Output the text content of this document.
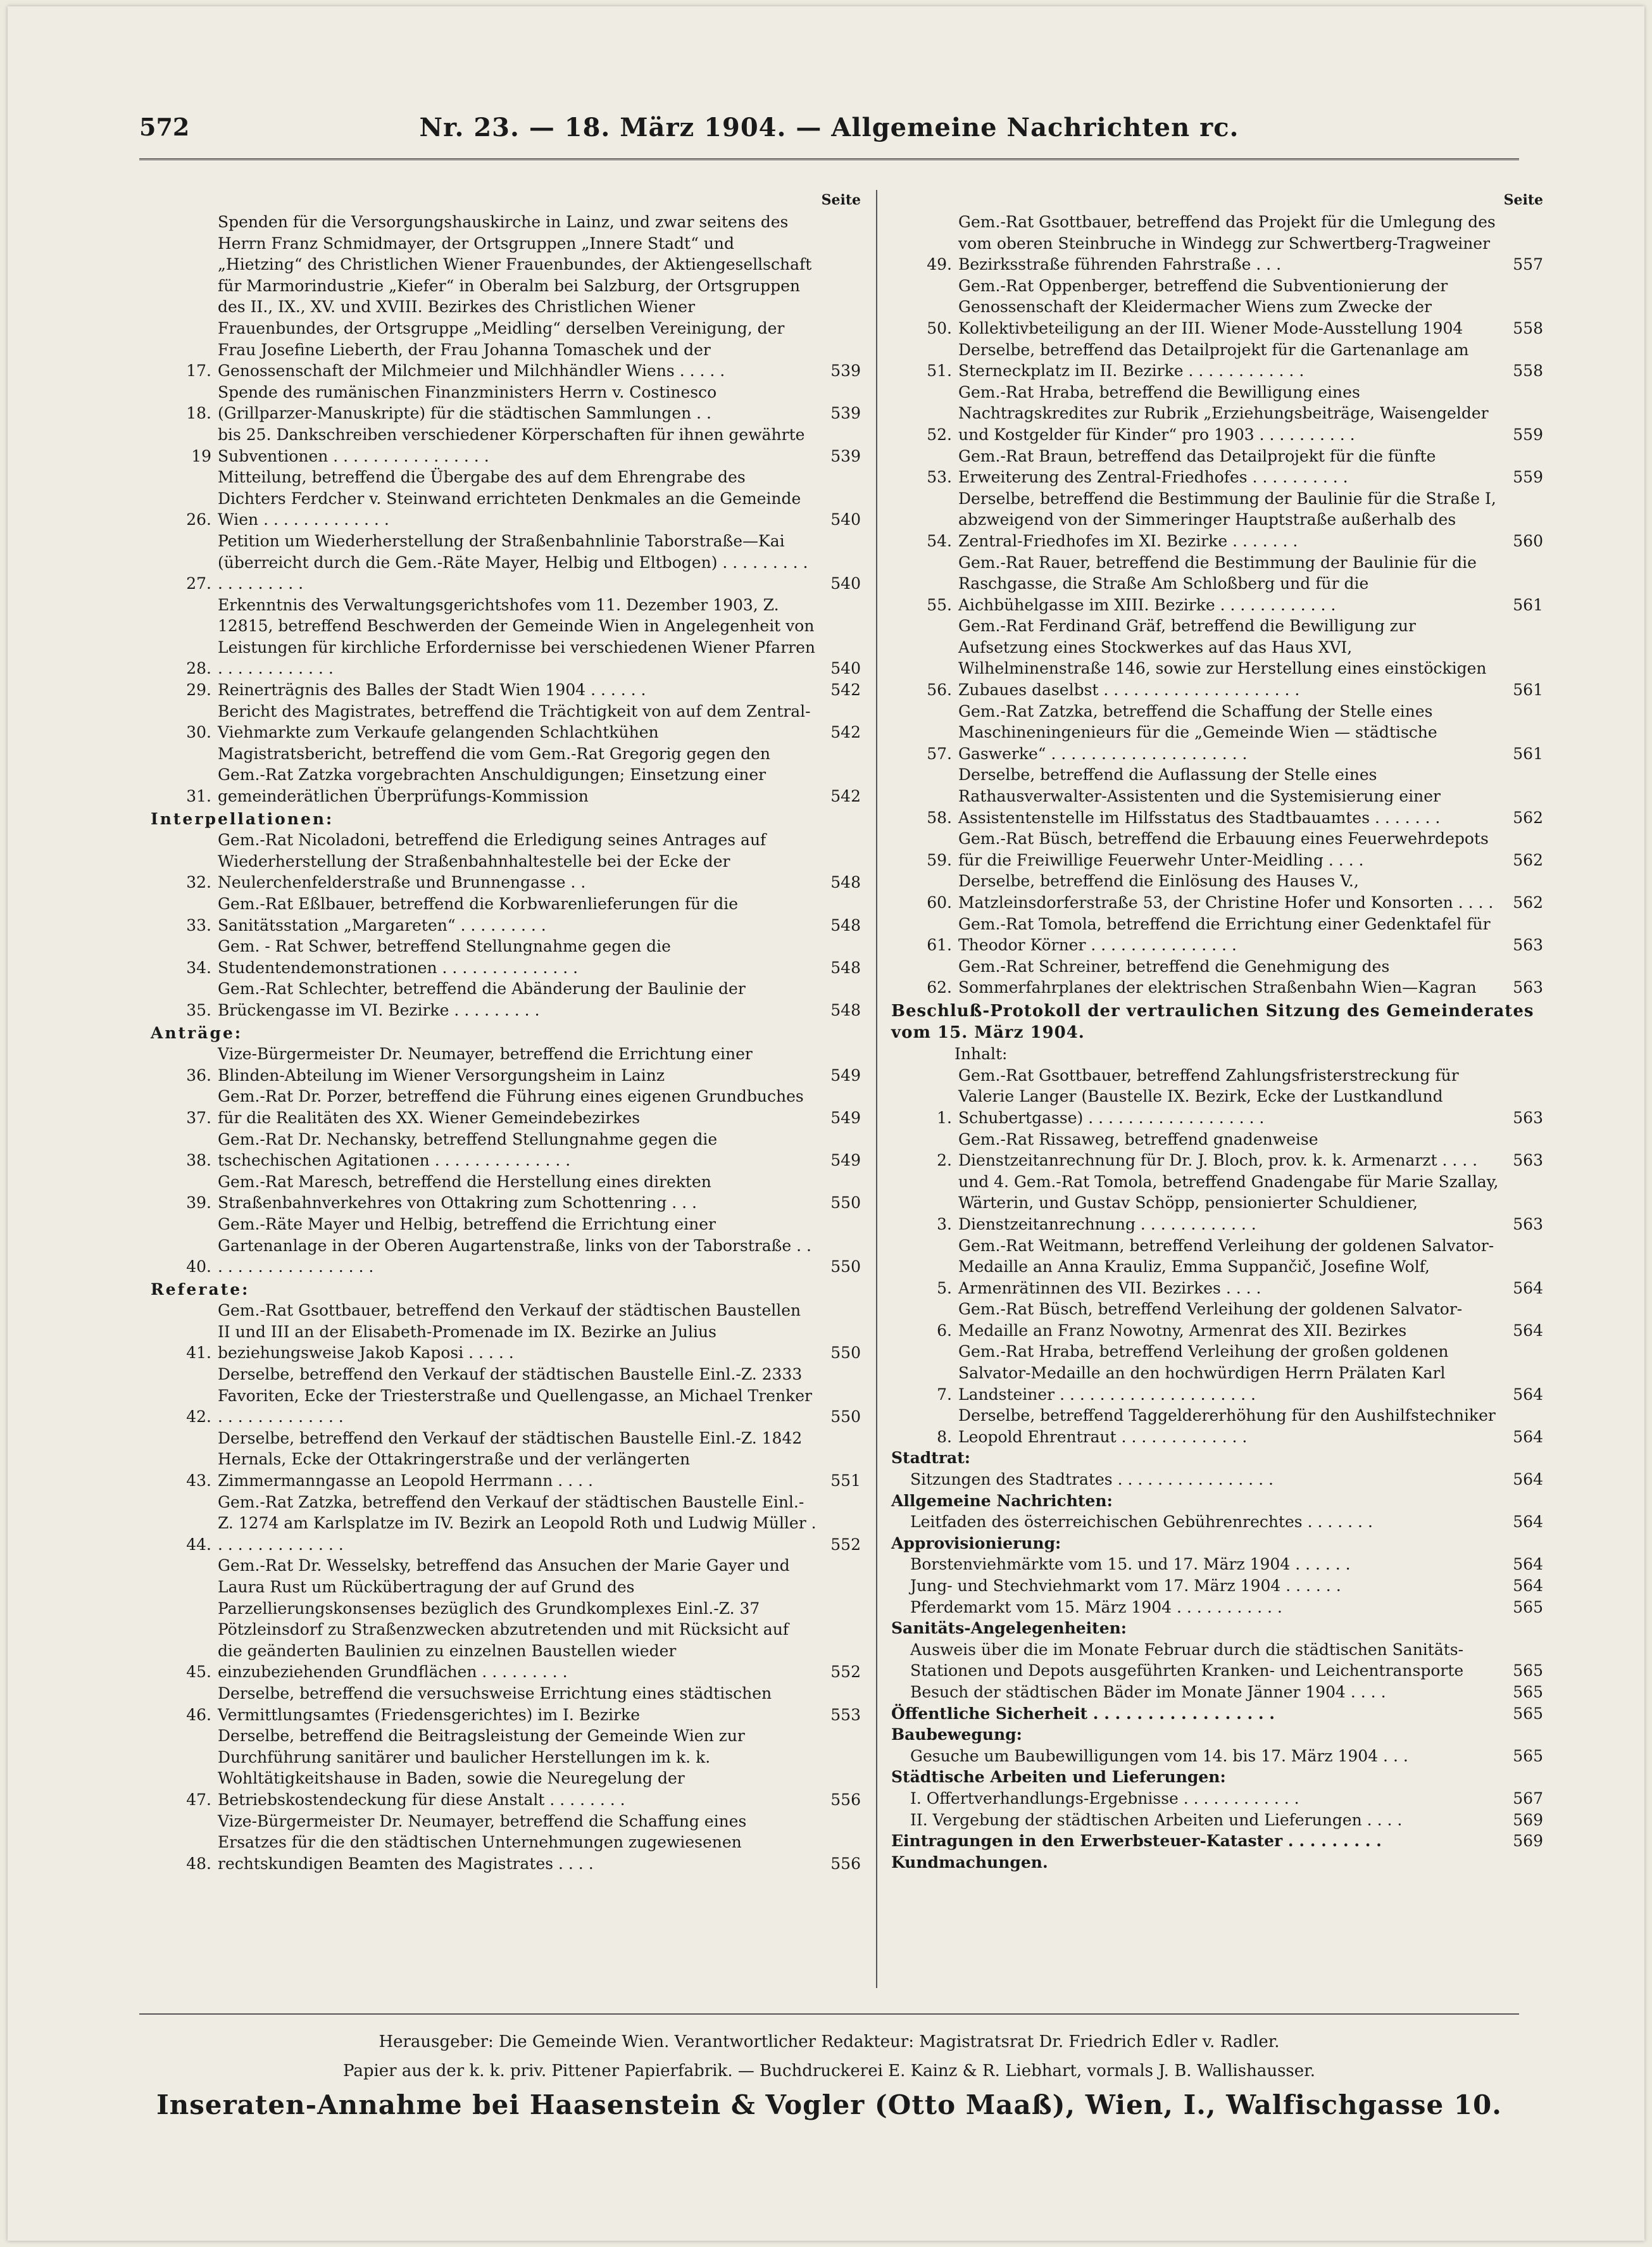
572	Nr. 23. — 18. März 1904. — Allgemeine Nachrichten rc.
Seite
17.
Spenden für die Versorgungshauskirche in Lainz, und zwar seitens des Herrn Franz Schmidmayer, der Ortsgruppen „Innere Stadt“ und „Hietzing“ des Christlichen Wiener Frauenbundes, der Aktiengesellschaft für Marmorindustrie „Kiefer“ in Oberalm bei Salzburg, der Ortsgruppen des II., IX., XV. und XVIII. Bezirkes des Christlichen Wiener Frauenbundes, der Ortsgruppe „Meidling“ derselben Vereinigung, der Frau Josefine Lieberth, der Frau Johanna Tomaschek und der Genossenschaft der Milchmeier und Milchhändler Wiens . . . . .	539
18.
Spende des rumänischen Finanzministers Herrn v. Costinesco (Grillparzer-Manuskripte) für die städtischen Sammlungen . .	539
19
bis 25. Dankschreiben verschiedener Körperschaften für ihnen gewährte Subventionen . . . . . . . . . . . . . . . .	539
26.
Mitteilung, betreffend die Übergabe des auf dem Ehrengrabe des Dichters Ferdcher v. Steinwand errichteten Denkmales an die Gemeinde Wien . . . . . . . . . . . . .	540
27.
Petition um Wiederherstellung der Straßenbahnlinie Taborstraße—Kai (überreicht durch die Gem.-Räte Mayer, Helbig und Eltbogen) . . . . . . . . . . . . . . . . . .	540
28.
Erkenntnis des Verwaltungsgerichtshofes vom 11. Dezember 1903, Z. 12815, betreffend Beschwerden der Gemeinde Wien in Angelegenheit von Leistungen für kirchliche Erfordernisse bei verschiedenen Wiener Pfarren . . . . . . . . . . . .	540
29. Reinerträgnis des Balles der Stadt Wien 1904 . . . . . .	542
30.
Bericht des Magistrates, betreffend die Trächtigkeit von auf dem Zentral-Viehmarkte zum Verkaufe gelangenden Schlachtkühen	542
31.
Magistratsbericht, betreffend die vom Gem.-Rat Gregorig gegen den Gem.-Rat Zatzka vorgebrachten Anschuldigungen; Einsetzung einer gemeinderätlichen Überprüfungs-Kommission	542
Interpellationen:
32.
Gem.-Rat Nicoladoni, betreffend die Erledigung seines Antrages auf Wiederherstellung der Straßenbahnhaltestelle bei der Ecke der Neulerchenfelderstraße und Brunnengasse . .	548
33.
Gem.-Rat Eßlbauer, betreffend die Korbwarenlieferungen für die Sanitätsstation „Margareten“ . . . . . . . . .	548
34.
Gem. - Rat Schwer, betreffend Stellungnahme gegen die Studentendemonstrationen . . . . . . . . . . . . . .	548
35.
Gem.-Rat Schlechter, betreffend die Abänderung der Baulinie der Brückengasse im VI. Bezirke . . . . . . . . .	548
Anträge:
36.
Vize-Bürgermeister Dr. Neumayer, betreffend die Errichtung einer Blinden-Abteilung im Wiener Versorgungsheim in Lainz	549
37.
Gem.-Rat Dr. Porzer, betreffend die Führung eines eigenen Grundbuches für die Realitäten des XX. Wiener Gemeindebezirkes	549
38.
Gem.-Rat Dr. Nechansky, betreffend Stellungnahme gegen die tschechischen Agitationen . . . . . . . . . . . . . .	549
39.
Gem.-Rat Maresch, betreffend die Herstellung eines direkten Straßenbahnverkehres von Ottakring zum Schottenring . . .	550
40.
Gem.-Räte Mayer und Helbig, betreffend die Errichtung einer Gartenanlage in der Oberen Augartenstraße, links von der Taborstraße . . . . . . . . . . . . . . . . . .	550
Referate:
41.
Gem.-Rat Gsottbauer, betreffend den Verkauf der städtischen Baustellen II und III an der Elisabeth-Promenade im IX. Bezirke an Julius beziehungsweise Jakob Kaposi . . . . .	550
42.
Derselbe, betreffend den Verkauf der städtischen Baustelle Einl.-Z. 2333 Favoriten, Ecke der Triesterstraße und Quellengasse, an Michael Trenker . . . . . . . . . . . . .	550
43.
Derselbe, betreffend den Verkauf der städtischen Baustelle Einl.-Z. 1842 Hernals, Ecke der Ottakringerstraße und der verlängerten Zimmermanngasse an Leopold Herrmann . . . .	551
44.
Gem.-Rat Zatzka, betreffend den Verkauf der städtischen Baustelle Einl.-Z. 1274 am Karlsplatze im IV. Bezirk an Leopold Roth und Ludwig Müller . . . . . . . . . . . . . .	552
45.
Gem.-Rat Dr. Wesselsky, betreffend das Ansuchen der Marie Gayer und Laura Rust um Rückübertragung der auf Grund des Parzellierungskonsenses bezüglich des Grundkomplexes Einl.-Z. 37 Pötzleinsdorf zu Straßenzwecken abzutretenden und mit Rücksicht auf die geänderten Baulinien zu einzelnen Baustellen wieder einzubeziehenden Grundflächen . . . . . . . . .	552
46.
Derselbe, betreffend die versuchsweise Errichtung eines städtischen Vermittlungsamtes (Friedensgerichtes) im I. Bezirke	553
47.
Derselbe, betreffend die Beitragsleistung der Gemeinde Wien zur Durchführung sanitärer und baulicher Herstellungen im k. k. Wohltätigkeitshause in Baden, sowie die Neuregelung der Betriebskostendeckung für diese Anstalt . . . . . . . .	556
48.
Vize-Bürgermeister Dr. Neumayer, betreffend die Schaffung eines Ersatzes für die den städtischen Unternehmungen zugewiesenen rechtskundigen Beamten des Magistrates . . . .	556
Seite
49.
Gem.-Rat Gsottbauer, betreffend das Projekt für die Umlegung des vom oberen Steinbruche in Windegg zur Schwertberg-Tragweiner Bezirksstraße führenden Fahrstraße . . .	557
50.
Gem.-Rat Oppenberger, betreffend die Subventionierung der Genossenschaft der Kleidermacher Wiens zum Zwecke der Kollektivbeteiligung an der III. Wiener Mode-Ausstellung 1904	558
51.
Derselbe, betreffend das Detailprojekt für die Gartenanlage am Sterneckplatz im II. Bezirke . . . . . . . . . . . .	558
52.
Gem.-Rat Hraba, betreffend die Bewilligung eines Nachtragskredites zur Rubrik „Erziehungsbeiträge, Waisengelder und Kostgelder für Kinder“ pro 1903 . . . . . . . . . .	559
53.
Gem.-Rat Braun, betreffend das Detailprojekt für die fünfte Erweiterung des Zentral-Friedhofes . . . . . . . . . .	559
54.
Derselbe, betreffend die Bestimmung der Baulinie für die Straße I, abzweigend von der Simmeringer Hauptstraße außerhalb des Zentral-Friedhofes im XI. Bezirke . . . . . . .	560
55.
Gem.-Rat Rauer, betreffend die Bestimmung der Baulinie für die Raschgasse, die Straße Am Schloßberg und für die Aichbühelgasse im XIII. Bezirke . . . . . . . . . . . .	561
56.
Gem.-Rat Ferdinand Gräf, betreffend die Bewilligung zur Aufsetzung eines Stockwerkes auf das Haus XVI, Wilhelminenstraße 146, sowie zur Herstellung eines einstöckigen Zubaues daselbst . . . . . . . . . . . . . . . . . . . .	561
57.
Gem.-Rat Zatzka, betreffend die Schaffung der Stelle eines Maschineningenieurs für die „Gemeinde Wien — städtische Gaswerke“ . . . . . . . . . . . . . . . . . . . .	561
58.
Derselbe, betreffend die Auflassung der Stelle eines Rathausverwalter-Assistenten und die Systemisierung einer Assistentenstelle im Hilfsstatus des Stadtbauamtes . . . . . . .	562
59.
Gem.-Rat Büsch, betreffend die Erbauung eines Feuerwehrdepots für die Freiwillige Feuerwehr Unter-Meidling . . . .	562
60.
Derselbe, betreffend die Einlösung des Hauses V., Matzleinsdorferstraße 53, der Christine Hofer und Konsorten . . . .	562
61.
Gem.-Rat Tomola, betreffend die Errichtung einer Gedenktafel für Theodor Körner . . . . . . . . . . . . . . .	563
62.
Gem.-Rat Schreiner, betreffend die Genehmigung des Sommerfahrplanes der elektrischen Straßenbahn Wien—Kagran	563
Beschluß-Protokoll der vertraulichen Sitzung des Gemeinderates vom 15. März 1904.
Inhalt:
1.
Gem.-Rat Gsottbauer, betreffend Zahlungsfristerstreckung für Valerie Langer (Baustelle IX. Bezirk, Ecke der Lustkandlund Schubertgasse) . . . . . . . . . . . . . . . . . .	563
2.
Gem.-Rat Rissaweg, betreffend gnadenweise Dienstzeitanrechnung für Dr. J. Bloch, prov. k. k. Armenarzt . . . .	563
3.
und 4. Gem.-Rat Tomola, betreffend Gnadengabe für Marie Szallay, Wärterin, und Gustav Schöpp, pensionierter Schuldiener, Dienstzeitanrechnung . . . . . . . . . . . .	563
5.
Gem.-Rat Weitmann, betreffend Verleihung der goldenen Salvator-Medaille an Anna Krauliz, Emma Suppančič, Josefine Wolf, Armenrätinnen des VII. Bezirkes . . . .	564
6.
Gem.-Rat Büsch, betreffend Verleihung der goldenen Salvator-Medaille an Franz Nowotny, Armenrat des XII. Bezirkes	564
7.
Gem.-Rat Hraba, betreffend Verleihung der großen goldenen Salvator-Medaille an den hochwürdigen Herrn Prälaten Karl Landsteiner . . . . . . . . . . . . . . . . . . . .	564
8.
Derselbe, betreffend Taggeldererhöhung für den Aushilfstechniker Leopold Ehrentraut . . . . . . . . . . . . .	564
Stadtrat:
Sitzungen des Stadtrates . . . . . . . . . . . . . . . .	564
Allgemeine Nachrichten:
Leitfaden des österreichischen Gebührenrechtes . . . . . . .	564
Approvisionierung:
Borstenviehmärkte vom 15. und 17. März 1904 . . . . . .	564
Jung- und Stechviehmarkt vom 17. März 1904 . . . . . .	564
Pferdemarkt vom 15. März 1904 . . . . . . . . . . .	565
Sanitäts-Angelegenheiten:
Ausweis über die im Monate Februar durch die städtischen Sanitäts-Stationen und Depots ausgeführten Kranken- und Leichentransporte	565
Besuch der städtischen Bäder im Monate Jänner 1904 . . . .	565
Öffentliche Sicherheit . . . . . . . . . . . . . . . . .	565
Baubewegung:
Gesuche um Baubewilligungen vom 14. bis 17. März 1904 . . .	565
Städtische Arbeiten und Lieferungen:
I. Offertverhandlungs-Ergebnisse . . . . . . . . . . . .	567
II. Vergebung der städtischen Arbeiten und Lieferungen . . . .	569
Eintragungen in den Erwerbsteuer-Kataster . . . . . . . . .	569
Kundmachungen.
Herausgeber: Die Gemeinde Wien. Verantwortlicher Redakteur: Magistratsrat Dr. Friedrich Edler v. Radler.
Papier aus der k. k. priv. Pittener Papierfabrik. — Buchdruckerei E. Kainz & R. Liebhart, vormals J. B. Wallishausser.
Inseraten-Annahme bei Haasenstein & Vogler (Otto Maaß), Wien, I., Walfischgasse 10.
